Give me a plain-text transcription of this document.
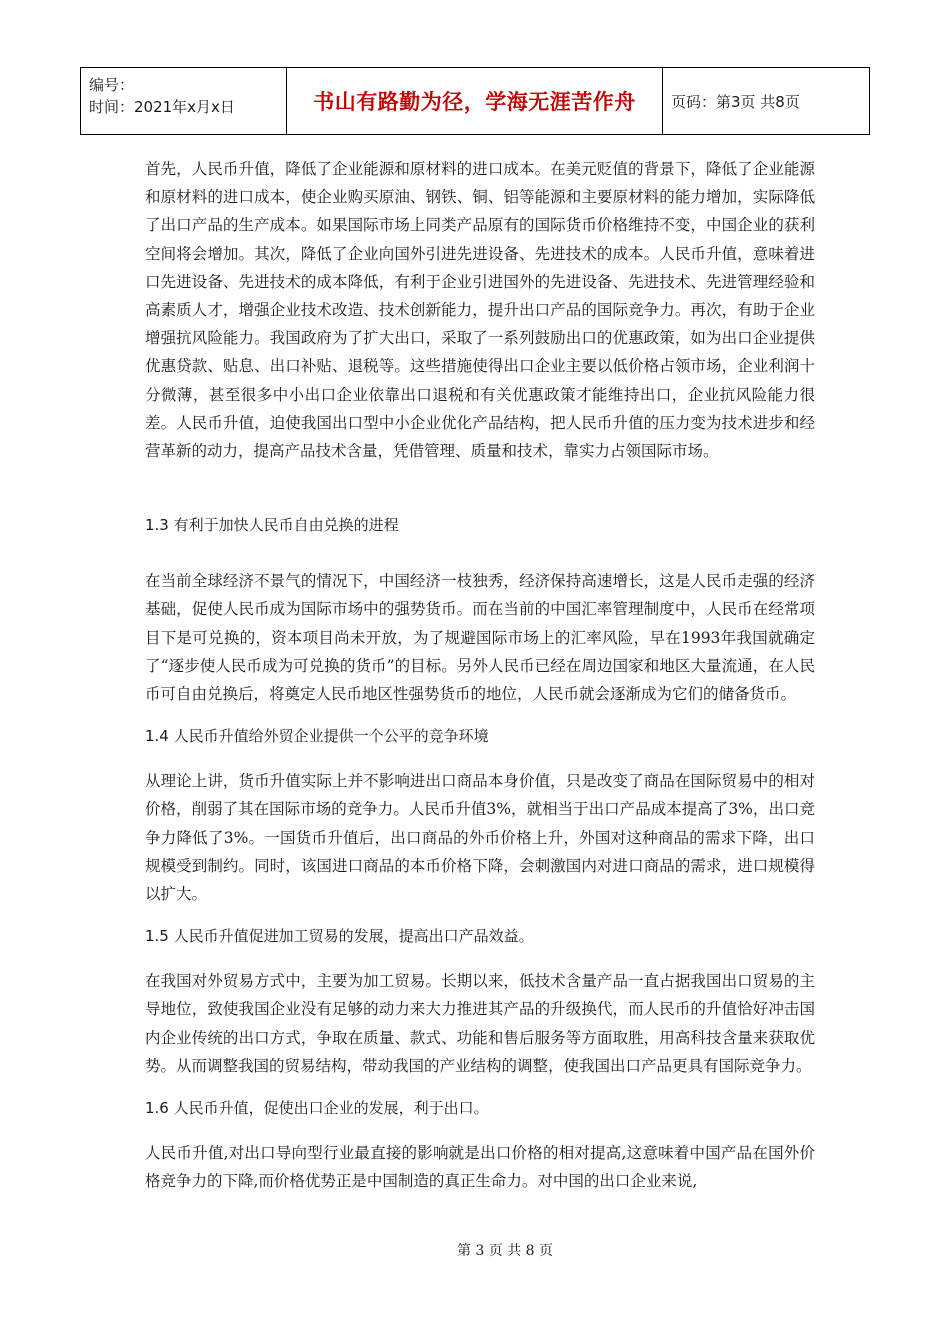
编号：
时间：2021年x月x日	书山有路勤为径，学海无涯苦作舟 页码：第3页 共8页

首先，人民币升值，降低了企业能源和原材料的进口成本。在美元贬值的背景下，降低了企业能源和原材料的进口成本，使企业购买原油、钢铁、铜、铝等能源和主要原材料的能力增加，实际降低了出口产品的生产成本。如果国际市场上同类产品原有的国际货币价格维持不变，中国企业的获利空间将会增加。其次，降低了企业向国外引进先进设备、先进技术的成本。人民币升值，意味着进口先进设备、先进技术的成本降低，有利于企业引进国外的先进设备、先进技术、先进管理经验和高素质人才，增强企业技术改造、技术创新能力，提升出口产品的国际竞争力。再次，有助于企业增强抗风险能力。我国政府为了扩大出口，采取了一系列鼓励出口的优惠政策，如为出口企业提供优惠贷款、贴息、出口补贴、退税等。这些措施使得出口企业主要以低价格占领市场，企业利润十分微薄，甚至很多中小出口企业依靠出口退税和有关优惠政策才能维持出口，企业抗风险能力很差。人民币升值，迫使我国出口型中小企业优化产品结构，把人民币升值的压力变为技术进步和经营革新的动力，提高产品技术含量，凭借管理、质量和技术，靠实力占领国际市场。

1.3 有利于加快人民币自由兑换的进程

在当前全球经济不景气的情况下，中国经济一枝独秀，经济保持高速增长，这是人民币走强的经济基础，促使人民币成为国际市场中的强势货币。而在当前的中国汇率管理制度中，人民币在经常项目下是可兑换的，资本项目尚未开放，为了规避国际市场上的汇率风险，早在1993年我国就确定了“逐步使人民币成为可兑换的货币”的目标。另外人民币已经在周边国家和地区大量流通，在人民币可自由兑换后，将奠定人民币地区性强势货币的地位，人民币就会逐渐成为它们的储备货币。

1.4 人民币升值给外贸企业提供一个公平的竞争环境

从理论上讲，货币升值实际上并不影响进出口商品本身价值，只是改变了商品在国际贸易中的相对价格，削弱了其在国际市场的竞争力。人民币升值3%，就相当于出口产品成本提高了3%，出口竞争力降低了3%。一国货币升值后，出口商品的外币价格上升，外国对这种商品的需求下降，出口规模受到制约。同时，该国进口商品的本币价格下降，会刺激国内对进口商品的需求，进口规模得以扩大。

1.5 人民币升值促进加工贸易的发展，提高出口产品效益。

在我国对外贸易方式中，主要为加工贸易。长期以来，低技术含量产品一直占据我国出口贸易的主导地位，致使我国企业没有足够的动力来大力推进其产品的升级换代，而人民币的升值恰好冲击国内企业传统的出口方式，争取在质量、款式、功能和售后服务等方面取胜，用高科技含量来获取优势。从而调整我国的贸易结构，带动我国的产业结构的调整，使我国出口产品更具有国际竞争力。

1.6 人民币升值，促使出口企业的发展，利于出口。

人民币升值,对出口导向型行业最直接的影响就是出口价格的相对提高,这意味着中国产品在国外价格竞争力的下降,而价格优势正是中国制造的真正生命力。对中国的出口企业来说,

第 3 页 共 8 页
